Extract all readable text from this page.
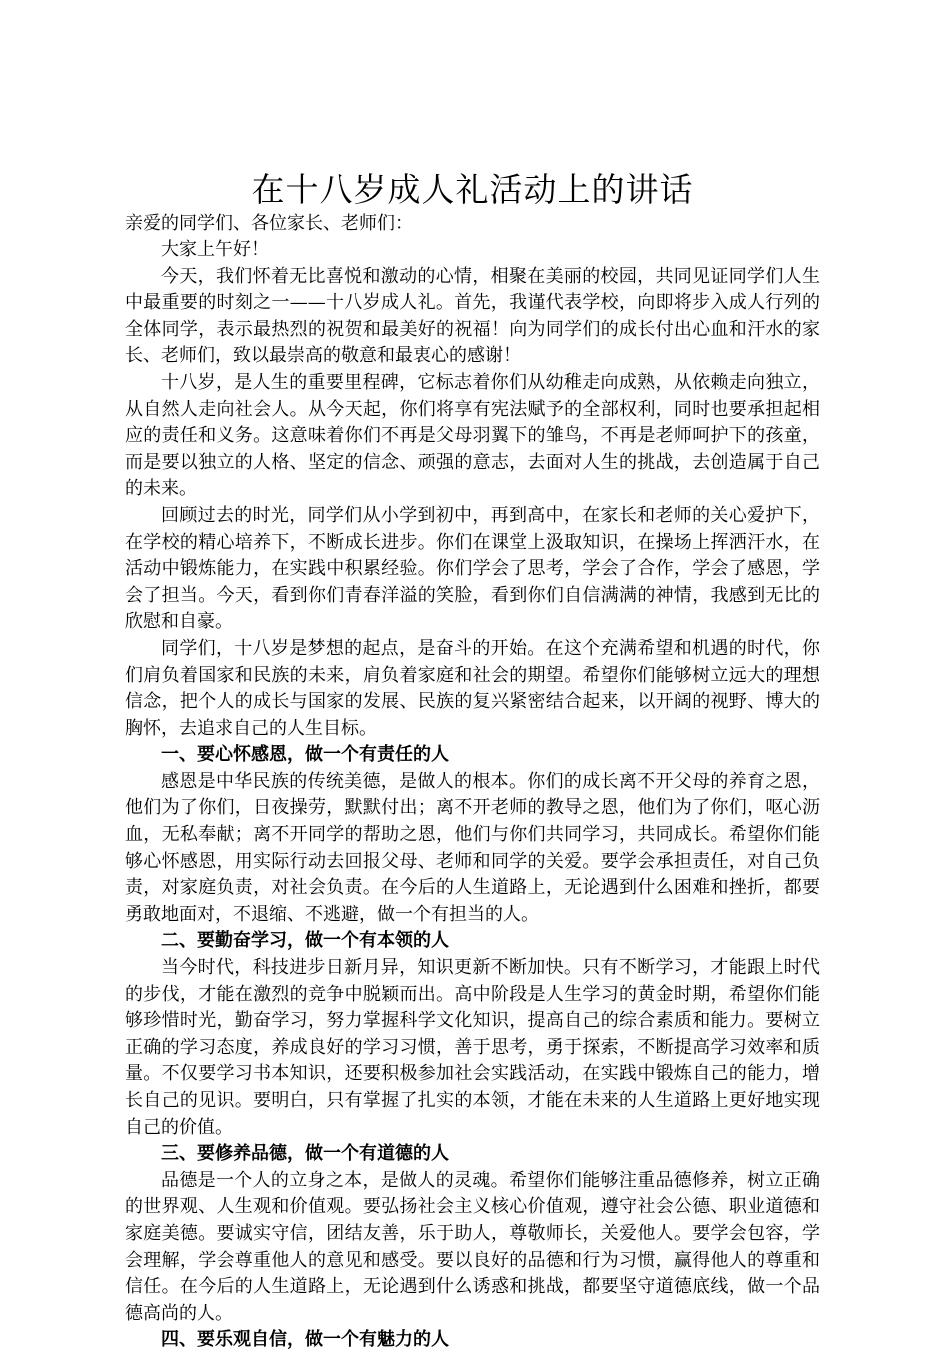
在十八岁成人礼活动上的讲话

亲爱的同学们、各位家长、老师们：

大家上午好！

今天，我们怀着无比喜悦和激动的心情，相聚在美丽的校园，共同见证同学们人生中最重要的时刻之一——十八岁成人礼。首先，我谨代表学校，向即将步入成人行列的全体同学，表示最热烈的祝贺和最美好的祝福！向为同学们的成长付出心血和汗水的家长、老师们，致以最崇高的敬意和最衷心的感谢！

十八岁，是人生的重要里程碑，它标志着你们从幼稚走向成熟，从依赖走向独立，从自然人走向社会人。从今天起，你们将享有宪法赋予的全部权利，同时也要承担起相应的责任和义务。这意味着你们不再是父母羽翼下的雏鸟，不再是老师呵护下的孩童，而是要以独立的人格、坚定的信念、顽强的意志，去面对人生的挑战，去创造属于自己的未来。

回顾过去的时光，同学们从小学到初中，再到高中，在家长和老师的关心爱护下，在学校的精心培养下，不断成长进步。你们在课堂上汲取知识，在操场上挥洒汗水，在活动中锻炼能力，在实践中积累经验。你们学会了思考，学会了合作，学会了感恩，学会了担当。今天，看到你们青春洋溢的笑脸，看到你们自信满满的神情，我感到无比的欣慰和自豪。

同学们，十八岁是梦想的起点，是奋斗的开始。在这个充满希望和机遇的时代，你们肩负着国家和民族的未来，肩负着家庭和社会的期望。希望你们能够树立远大的理想信念，把个人的成长与国家的发展、民族的复兴紧密结合起来，以开阔的视野、博大的胸怀，去追求自己的人生目标。

一、要心怀感恩，做一个有责任的人

感恩是中华民族的传统美德，是做人的根本。你们的成长离不开父母的养育之恩，他们为了你们，日夜操劳，默默付出；离不开老师的教导之恩，他们为了你们，呕心沥血，无私奉献；离不开同学的帮助之恩，他们与你们共同学习，共同成长。希望你们能够心怀感恩，用实际行动去回报父母、老师和同学的关爱。要学会承担责任，对自己负责，对家庭负责，对社会负责。在今后的人生道路上，无论遇到什么困难和挫折，都要勇敢地面对，不退缩、不逃避，做一个有担当的人。

二、要勤奋学习，做一个有本领的人

当今时代，科技进步日新月异，知识更新不断加快。只有不断学习，才能跟上时代的步伐，才能在激烈的竞争中脱颖而出。高中阶段是人生学习的黄金时期，希望你们能够珍惜时光，勤奋学习，努力掌握科学文化知识，提高自己的综合素质和能力。要树立正确的学习态度，养成良好的学习习惯，善于思考，勇于探索，不断提高学习效率和质量。不仅要学习书本知识，还要积极参加社会实践活动，在实践中锻炼自己的能力，增长自己的见识。要明白，只有掌握了扎实的本领，才能在未来的人生道路上更好地实现自己的价值。

三、要修养品德，做一个有道德的人

品德是一个人的立身之本，是做人的灵魂。希望你们能够注重品德修养，树立正确的世界观、人生观和价值观。要弘扬社会主义核心价值观，遵守社会公德、职业道德和家庭美德。要诚实守信，团结友善，乐于助人，尊敬师长，关爱他人。要学会包容，学会理解，学会尊重他人的意见和感受。要以良好的品德和行为习惯，赢得他人的尊重和信任。在今后的人生道路上，无论遇到什么诱惑和挑战，都要坚守道德底线，做一个品德高尚的人。

四、要乐观自信，做一个有魅力的人
